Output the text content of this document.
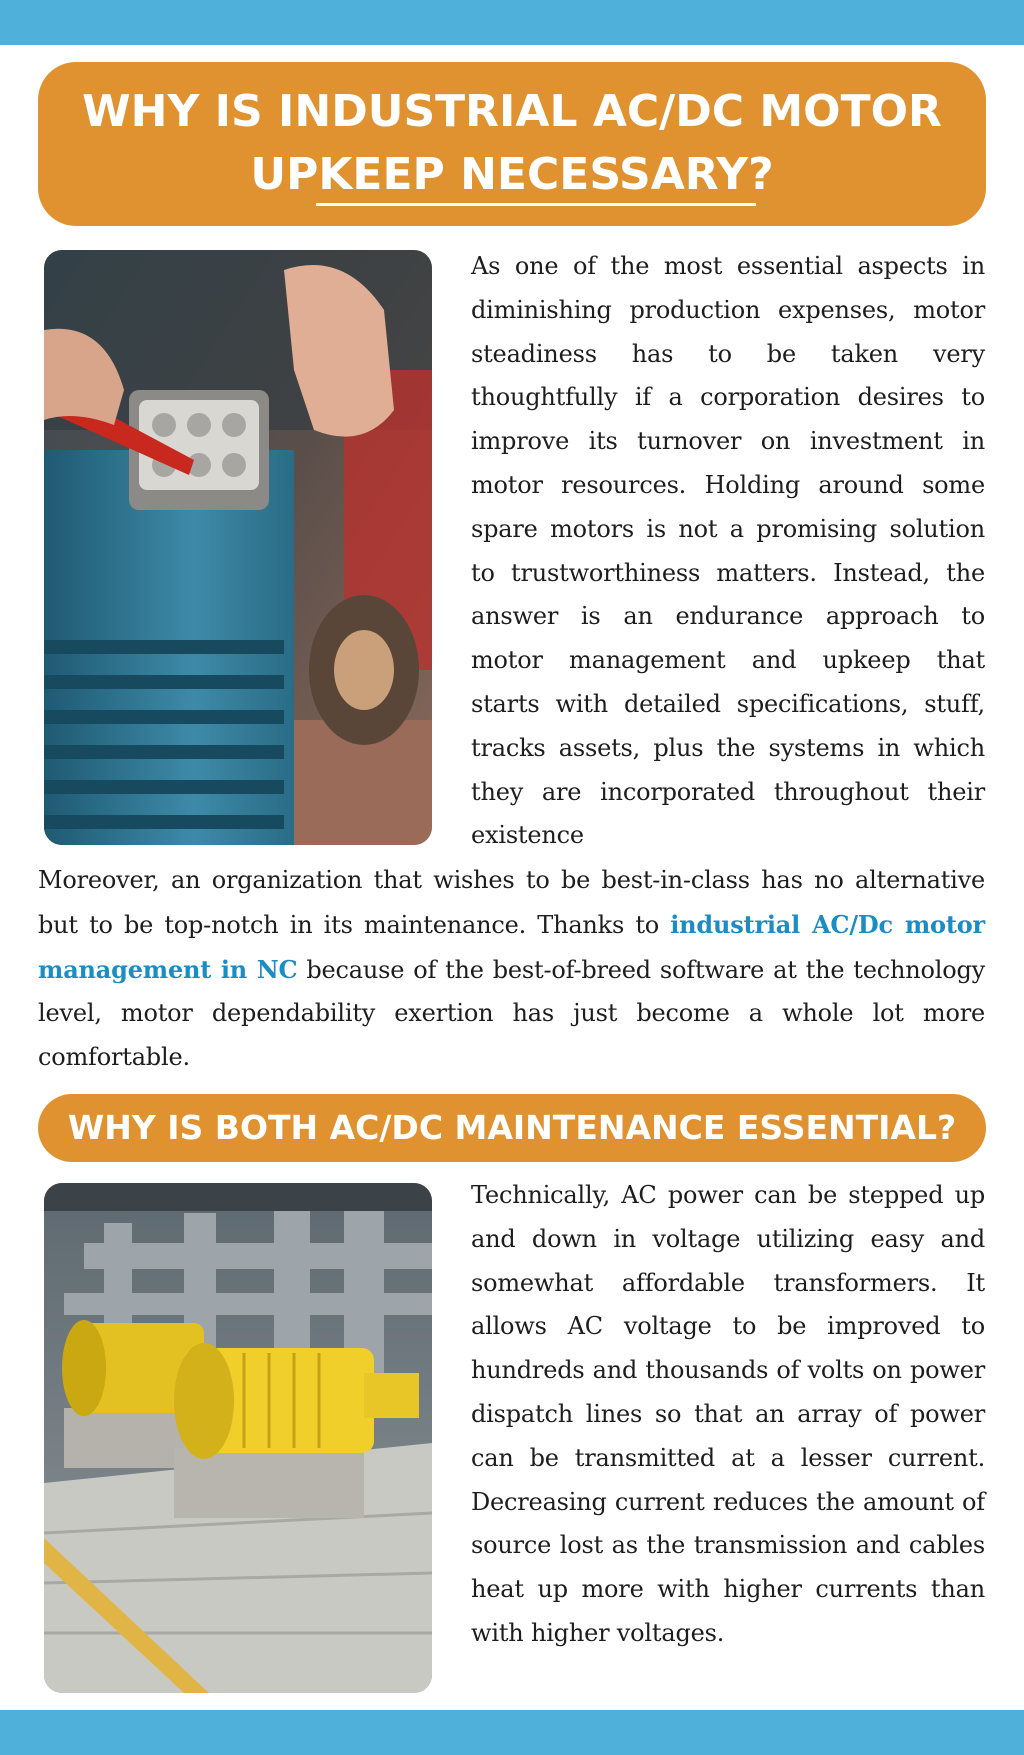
WHY IS INDUSTRIAL AC/DC MOTOR
UPKEEP NECESSARY?

As one of the most essential aspects in diminishing production expenses, motor steadiness has to be taken very thoughtfully if a corporation desires to improve its turnover on investment in motor resources. Holding around some spare motors is not a promising solution to trustworthiness matters. Instead, the answer is an endurance approach to motor management and upkeep that starts with detailed specifications, stuff, tracks assets, plus the systems in which they are incorporated throughout their existence

Moreover, an organization that wishes to be best-in-class has no alternative but to be top-notch in its maintenance. Thanks to industrial AC/Dc motor management in NC because of the best-of-breed software at the technology level, motor dependability exertion has just become a whole lot more comfortable.

WHY IS BOTH AC/DC MAINTENANCE ESSENTIAL?

Technically, AC power can be stepped up and down in voltage utilizing easy and somewhat affordable transformers. It allows AC voltage to be improved to hundreds and thousands of volts on power dispatch lines so that an array of power can be transmitted at a lesser current. Decreasing current reduces the amount of source lost as the transmission and cables heat up more with higher currents than with higher voltages.
